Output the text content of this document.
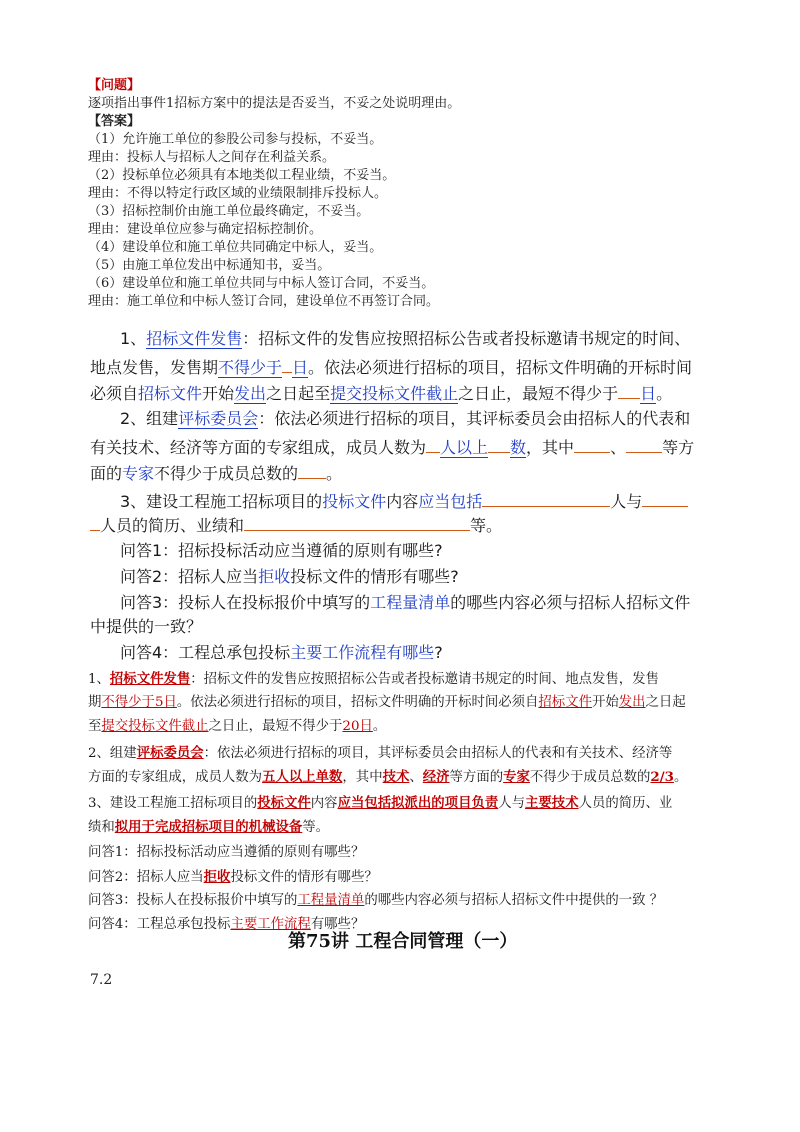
【问题】
逐项指出事件1招标方案中的提法是否妥当，不妥之处说明理由。
【答案】
（1）允许施工单位的参股公司参与投标，不妥当。
理由：投标人与招标人之间存在利益关系。
（2）投标单位必须具有本地类似工程业绩，不妥当。
理由：不得以特定行政区域的业绩限制排斥投标人。
（3）招标控制价由施工单位最终确定，不妥当。
理由：建设单位应参与确定招标控制价。
（4）建设单位和施工单位共同确定中标人，妥当。
（5）由施工单位发出中标通知书，妥当。
（6）建设单位和施工单位共同与中标人签订合同，不妥当。
理由：施工单位和中标人签订合同，建设单位不再签订合同。
1、招标文件发售：招标文件的发售应按照招标公告或者投标邀请书规定的时间、
地点发售，发售期不得少于 日。依法必须进行招标的项目，招标文件明确的开标时间
必须自招标文件开始发出之日起至提交投标文件截止之日止，最短不得少于 日。
2、组建评标委员会：依法必须进行招标的项目，其评标委员会由招标人的代表和
有关技术、经济等方面的专家组成，成员人数为 人以上 数，其中 、 等方
面的专家不得少于成员总数的 。
3、建设工程施工招标项目的投标文件内容应当包括	人与
人员的简历、业绩和	等。
问答1：招标投标活动应当遵循的原则有哪些?
问答2：招标人应当拒收投标文件的情形有哪些?
问答3：投标人在投标报价中填写的工程量清单的哪些内容必须与招标人招标文件
中提供的一致？
问答4：工程总承包投标主要工作流程有哪些?
1、招标文件发售：招标文件的发售应按照招标公告或者投标邀请书规定的时间、地点发售，发售
期不得少于5日。依法必须进行招标的项目，招标文件明确的开标时间必须自招标文件开始发出之日起
至提交投标文件截止之日止，最短不得少于20日。
2、组建评标委员会：依法必须进行招标的项目，其评标委员会由招标人的代表和有关技术、经济等
方面的专家组成，成员人数为五人以上单数，其中技术、经济等方面的专家不得少于成员总数的2/3。
3、建设工程施工招标项目的投标文件内容应当包括拟派出的项目负责人与主要技术人员的简历、业
绩和拟用于完成招标项目的机械设备等。
问答1：招标投标活动应当遵循的原则有哪些？
问答2：招标人应当拒收投标文件的情形有哪些？
问答3：投标人在投标报价中填写的工程量清单的哪些内容必须与招标人招标文件中提供的一致 ？
问答4：工程总承包投标主要工作流程有哪些？
第75讲 工程合同管理（一）
7.2
